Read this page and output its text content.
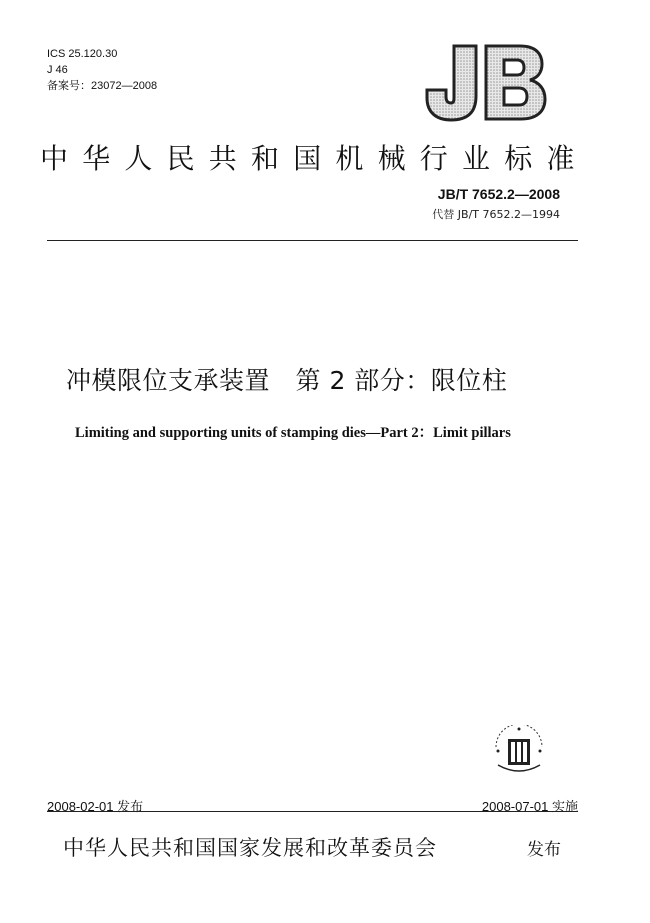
ICS 25.120.30
J 46
备案号：23072—2008
JB
中华人民共和国机械行业标准
JB/T 7652.2—2008
代替 JB/T 7652.2—1994
冲模限位支承装置　第 2 部分：限位柱
Limiting and supporting units of stamping dies—Part 2：Limit pillars
2008-02-01 发布	2008-07-01 实施
中华人民共和国国家发展和改革委员会	发布
